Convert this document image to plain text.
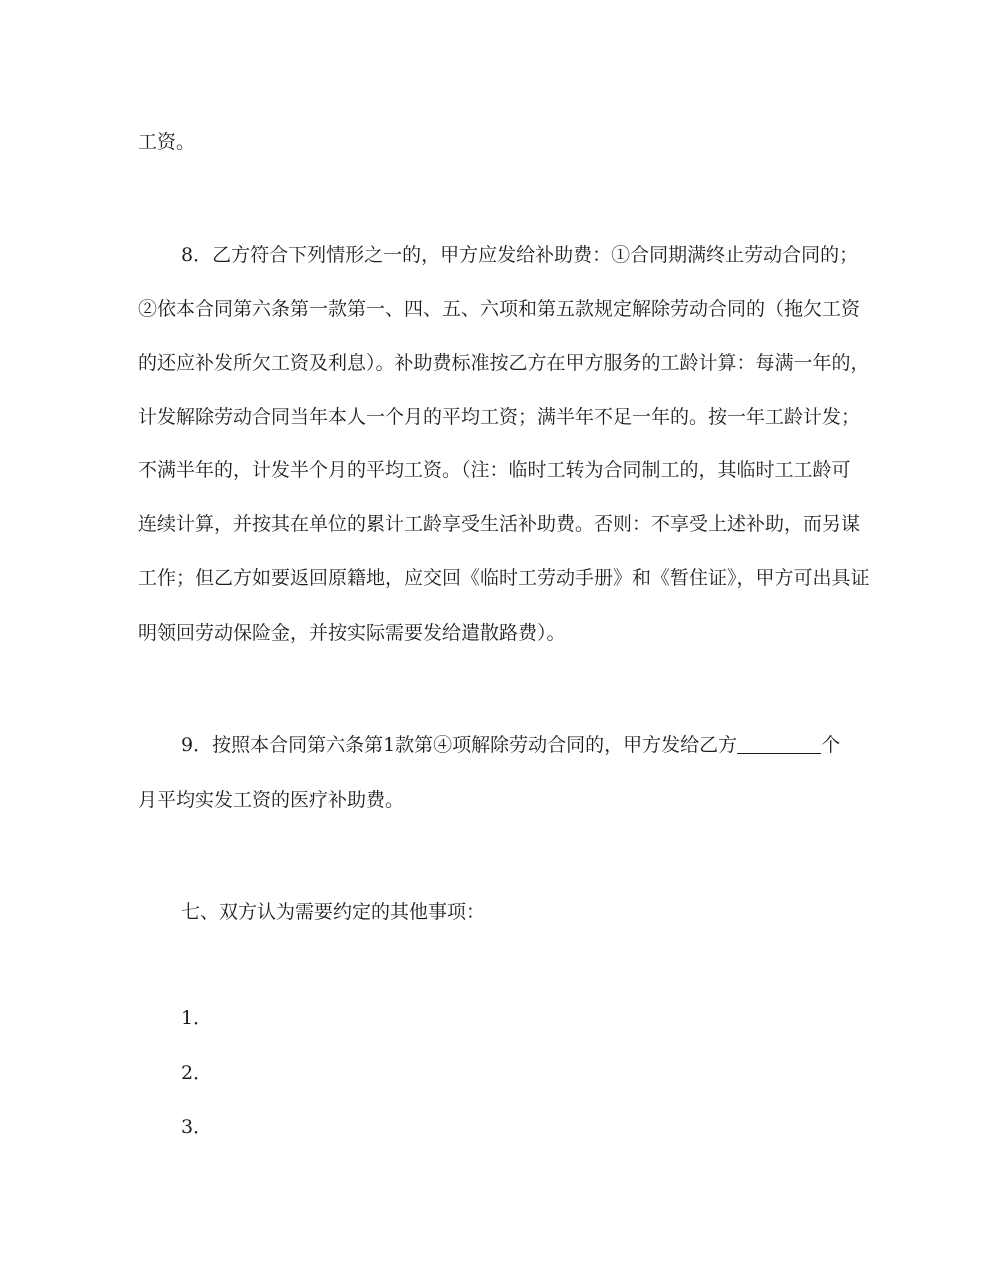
工资。
8．乙方符合下列情形之一的，甲方应发给补助费：①合同期满终止劳动合同的；
②依本合同第六条第一款第一、四、五、六项和第五款规定解除劳动合同的（拖欠工资
的还应补发所欠工资及利息）。补助费标准按乙方在甲方服务的工龄计算：每满一年的，
计发解除劳动合同当年本人一个月的平均工资；满半年不足一年的。按一年工龄计发；
不满半年的，计发半个月的平均工资。（注：临时工转为合同制工的，其临时工工龄可
连续计算，并按其在单位的累计工龄享受生活补助费。否则：不享受上述补助，而另谋
工作；但乙方如要返回原籍地，应交回《临时工劳动手册》和《暂住证》，甲方可出具证
明领回劳动保险金，并按实际需要发给遣散路费）。
9．按照本合同第六条第1款第④项解除劳动合同的，甲方发给乙方	个
月平均实发工资的医疗补助费。
七、双方认为需要约定的其他事项：
1．
2．
3．
